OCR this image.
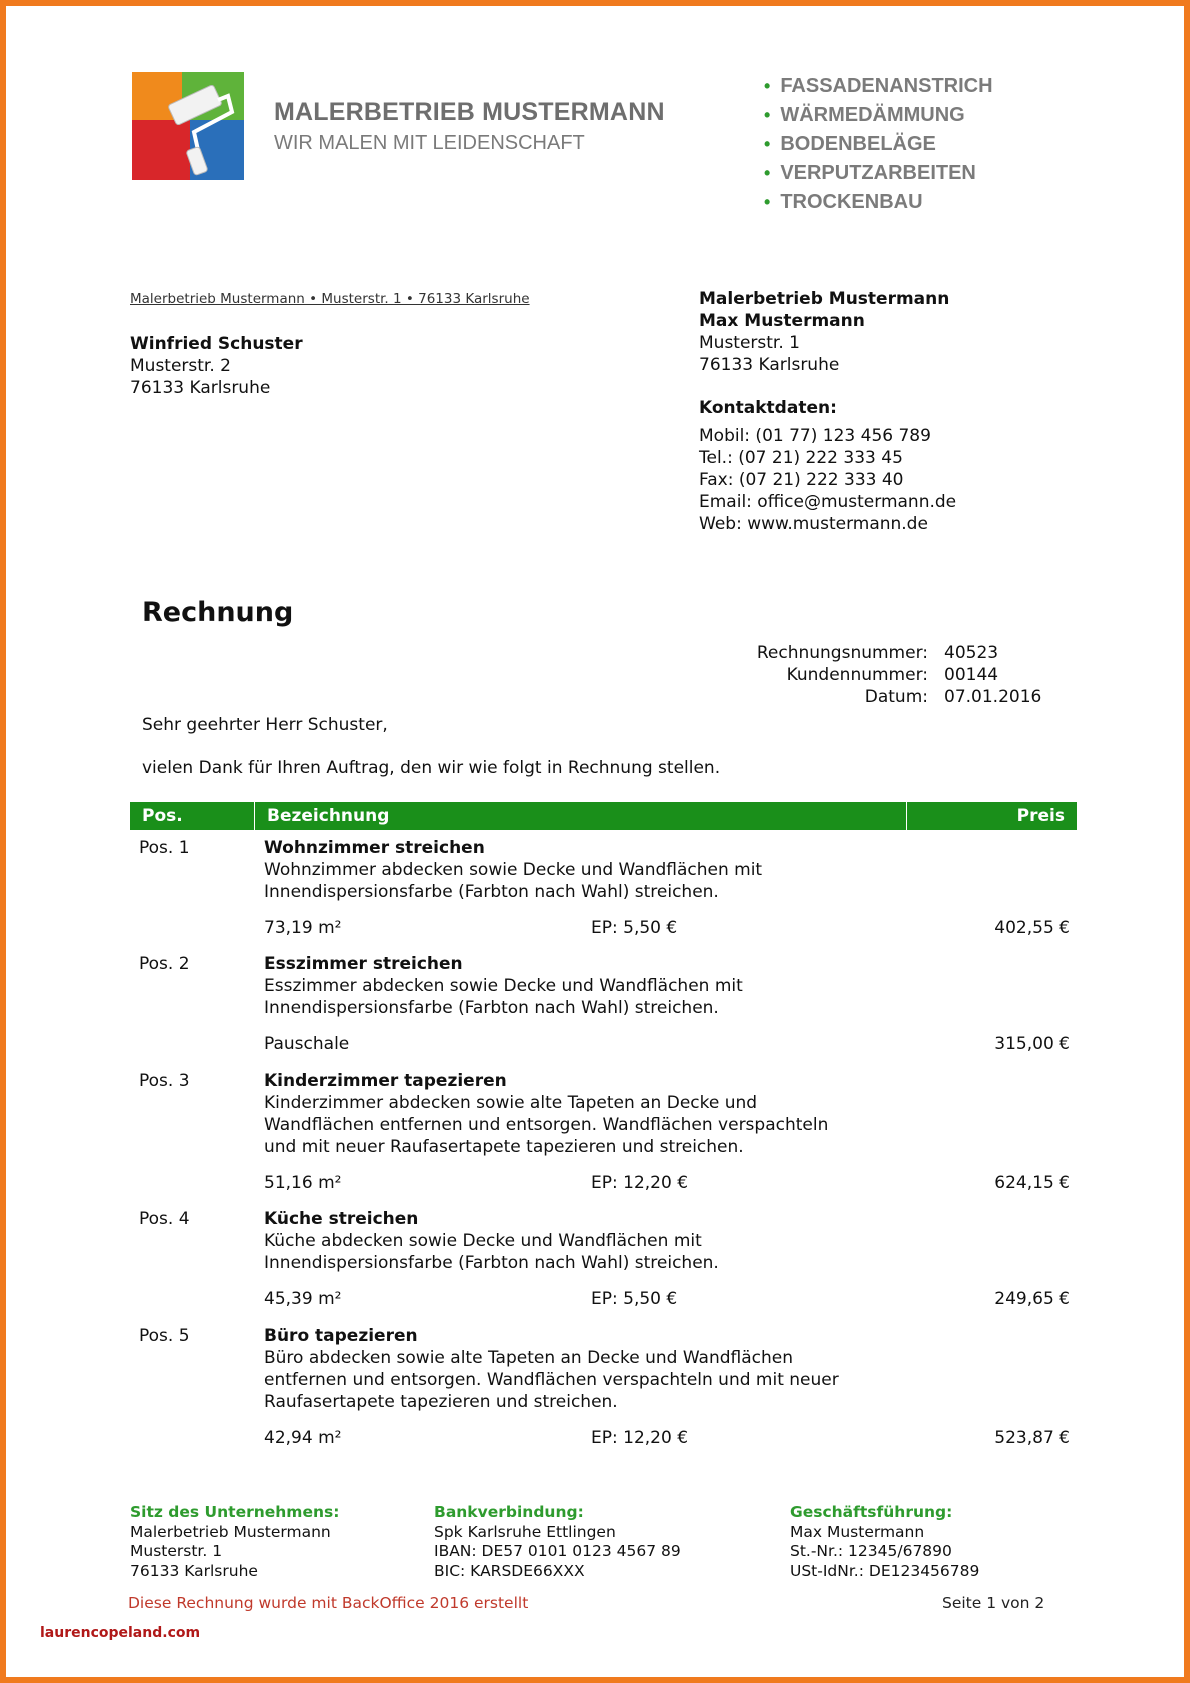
MALERBETRIEB MUSTERMANN
WIR MALEN MIT LEIDENSCHAFT
• FASSADENANSTRICH
• WÄRMEDÄMMUNG
• BODENBELÄGE
• VERPUTZARBEITEN
• TROCKENBAU
Malerbetrieb Mustermann • Musterstr. 1 • 76133 Karlsruhe
Winfried Schuster
Musterstr. 2
76133 Karlsruhe
Malerbetrieb Mustermann
Max Mustermann
Musterstr. 1
76133 Karlsruhe
Kontaktdaten:
Mobil: (01 77) 123 456 789
Tel.: (07 21) 222 333 45
Fax: (07 21) 222 333 40
Email: office@mustermann.de
Web: www.mustermann.de
Rechnung
Rechnungsnummer: 40523
Kundennummer: 00144
Datum: 07.01.2016
Sehr geehrter Herr Schuster,
vielen Dank für Ihren Auftrag, den wir wie folgt in Rechnung stellen.
Pos.	Bezeichnung	Preis
Pos. 1	Wohnzimmer streichen
Wohnzimmer abdecken sowie Decke und Wandflächen mit
Innendispersionsfarbe (Farbton nach Wahl) streichen.
73,19 m²	EP: 5,50 €	402,55 €
Pos. 2	Esszimmer streichen
Esszimmer abdecken sowie Decke und Wandflächen mit
Innendispersionsfarbe (Farbton nach Wahl) streichen.
Pauschale	315,00 €
Pos. 3	Kinderzimmer tapezieren
Kinderzimmer abdecken sowie alte Tapeten an Decke und
Wandflächen entfernen und entsorgen. Wandflächen verspachteln
und mit neuer Raufasertapete tapezieren und streichen.
51,16 m²	EP: 12,20 €	624,15 €
Pos. 4	Küche streichen
Küche abdecken sowie Decke und Wandflächen mit
Innendispersionsfarbe (Farbton nach Wahl) streichen.
45,39 m²	EP: 5,50 €	249,65 €
Pos. 5	Büro tapezieren
Büro abdecken sowie alte Tapeten an Decke und Wandflächen
entfernen und entsorgen. Wandflächen verspachteln und mit neuer
Raufasertapete tapezieren und streichen.
42,94 m²	EP: 12,20 €	523,87 €
Sitz des Unternehmens:
Malerbetrieb Mustermann
Musterstr. 1
76133 Karlsruhe
Bankverbindung:
Spk Karlsruhe Ettlingen
IBAN: DE57 0101 0123 4567 89
BIC: KARSDE66XXX
Geschäftsführung:
Max Mustermann
St.-Nr.: 12345/67890
USt-IdNr.: DE123456789
Diese Rechnung wurde mit BackOffice 2016 erstellt	Seite 1 von 2
laurencopeland.com
